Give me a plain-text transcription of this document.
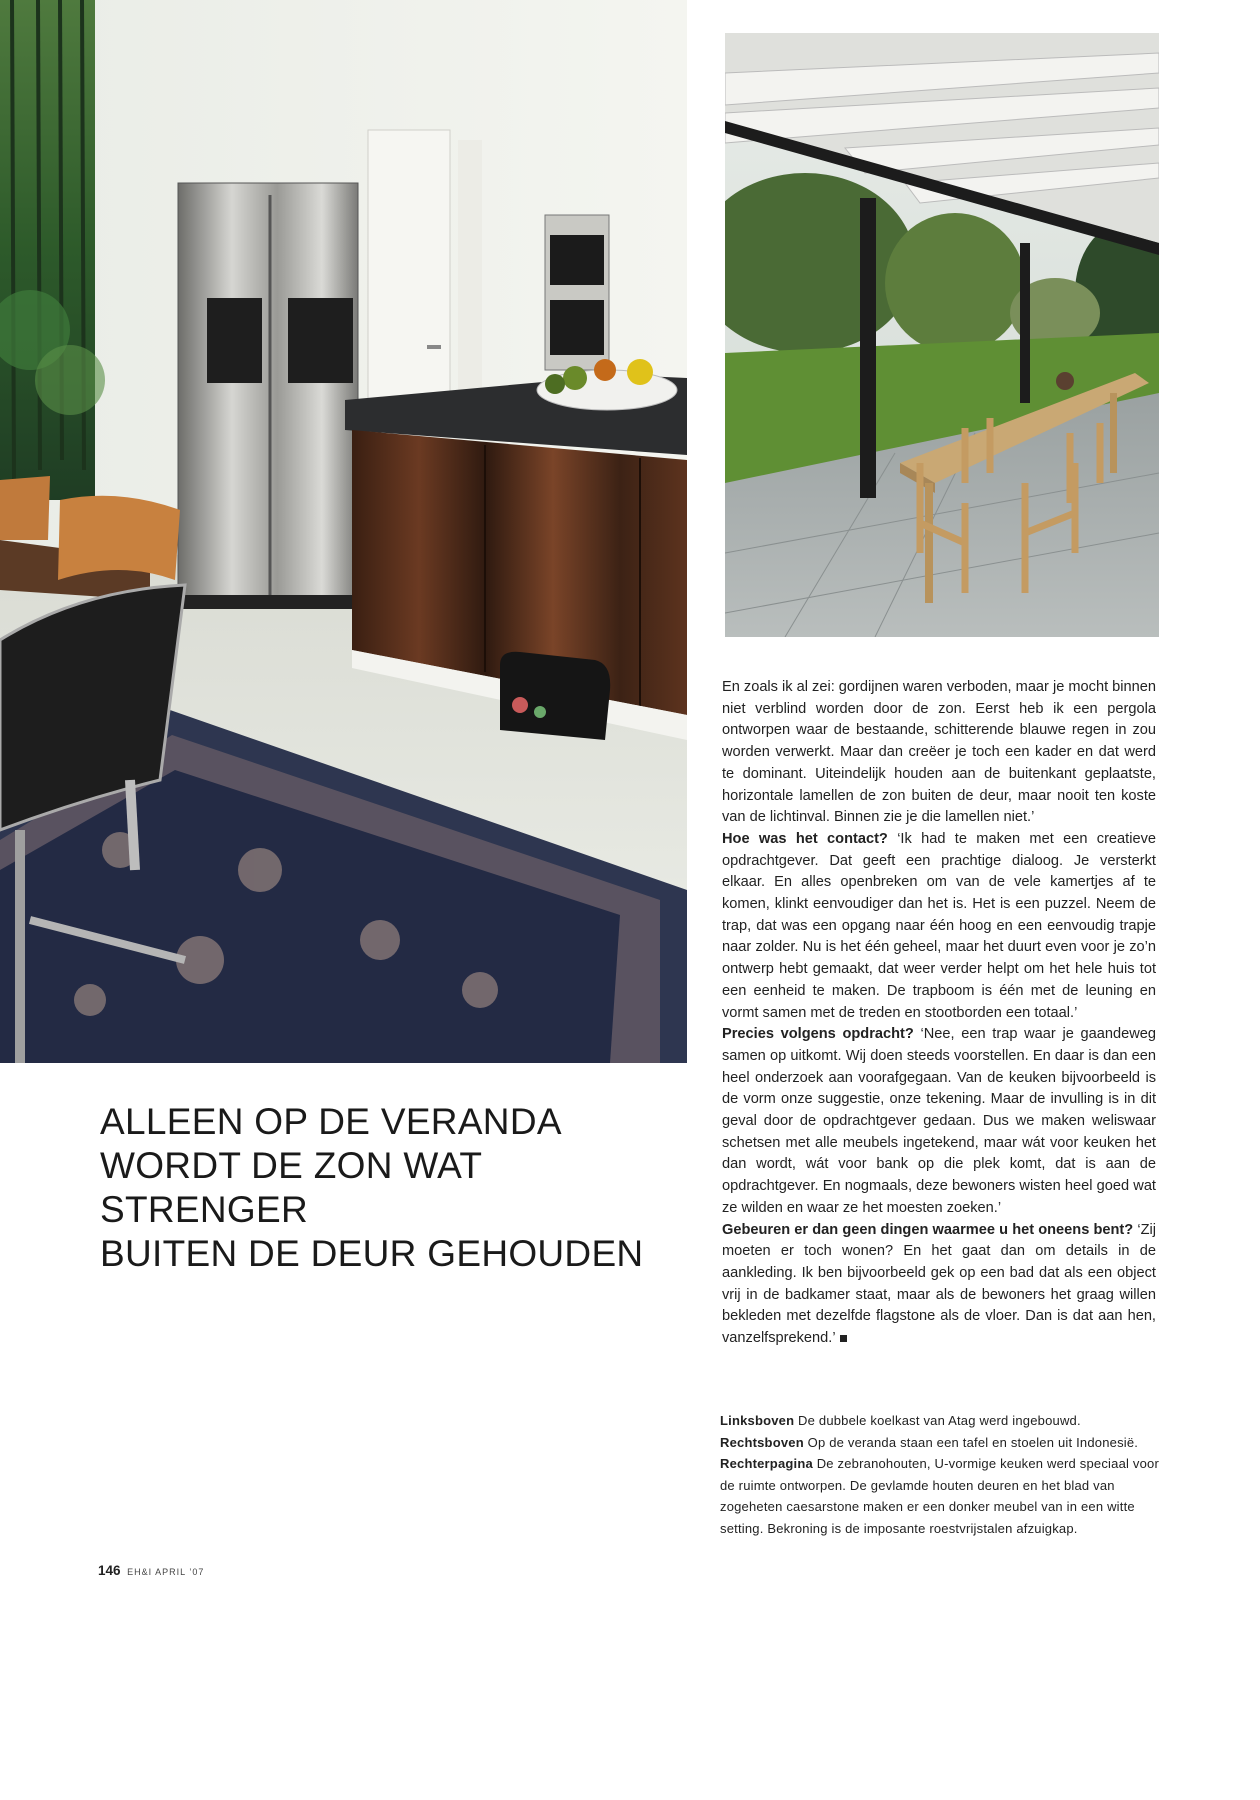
ALLEEN OP DE VERANDA
WORDT DE ZON WAT STRENGER
BUITEN DE DEUR GEHOUDEN

En zoals ik al zei: gordijnen waren verboden, maar je mocht binnen niet verblind worden door de zon. Eerst heb ik een pergola ontworpen waar de bestaande, schitterende blauwe regen in zou worden verwerkt. Maar dan creëer je toch een kader en dat werd te dominant. Uiteindelijk houden aan de buitenkant geplaatste, horizontale lamellen de zon buiten de deur, maar nooit ten koste van de lichtinval. Binnen zie je die lamellen niet.’

Hoe was het contact? ‘Ik had te maken met een creatieve opdrachtgever. Dat geeft een prachtige dialoog. Je versterkt elkaar. En alles openbreken om van de vele kamertjes af te komen, klinkt eenvoudiger dan het is. Het is een puzzel. Neem de trap, dat was een opgang naar één hoog en een eenvoudig trapje naar zolder. Nu is het één geheel, maar het duurt even voor je zo’n ontwerp hebt gemaakt, dat weer verder helpt om het hele huis tot een eenheid te maken. De trapboom is één met de leuning en vormt samen met de treden en stootborden een totaal.’

Precies volgens opdracht? ‘Nee, een trap waar je gaandeweg samen op uitkomt. Wij doen steeds voorstellen. En daar is dan een heel onderzoek aan voorafgegaan. Van de keuken bijvoorbeeld is de vorm onze suggestie, onze tekening. Maar de invulling is in dit geval door de opdrachtgever gedaan. Dus we maken weliswaar schetsen met alle meubels ingetekend, maar wát voor keuken het dan wordt, wát voor bank op die plek komt, dat is aan de opdrachtgever. En nogmaals, deze bewoners wisten heel goed wat ze wilden en waar ze het moesten zoeken.’

Gebeuren er dan geen dingen waarmee u het oneens bent? ‘Zij moeten er toch wonen? En het gaat dan om details in de aankleding. Ik ben bijvoorbeeld gek op een bad dat als een object vrij in de badkamer staat, maar als de bewoners het graag willen bekleden met dezelfde flagstone als de vloer. Dan is dat aan hen, vanzelfsprekend.’

Linksboven De dubbele koelkast van Atag werd ingebouwd.

Rechtsboven Op de veranda staan een tafel en stoelen uit Indonesië.

Rechterpagina De zebranohouten, U-vormige keuken werd speciaal voor de ruimte ontworpen. De gevlamde houten deuren en het blad van zogeheten caesarstone maken er een donker meubel van in een witte setting. Bekroning is de imposante roestvrijstalen afzuigkap.

146 EH&I APRIL ’07
